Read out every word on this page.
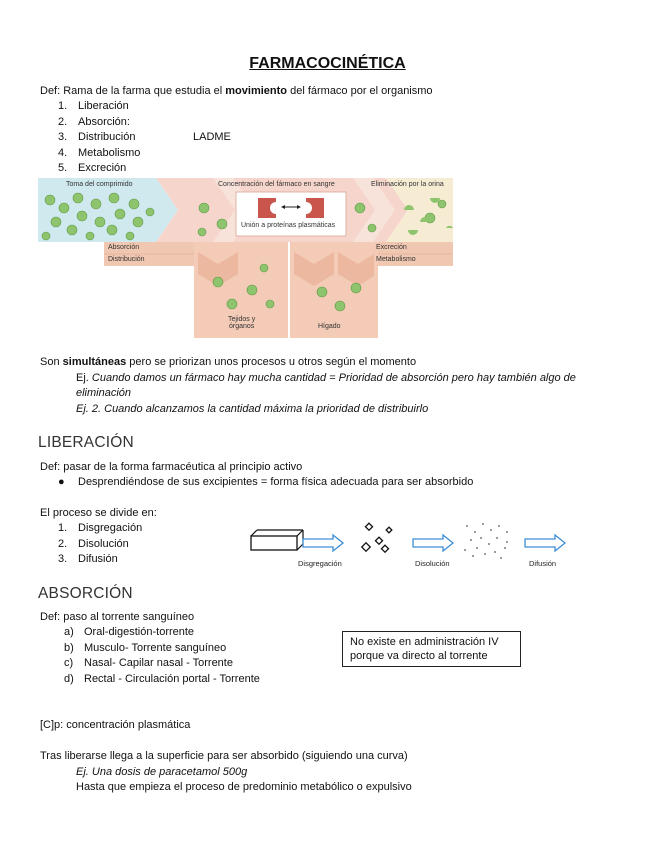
FARMACOCINÉTICA
Def: Rama de la farma que estudia el movimiento del fármaco por el organismo
1. Liberación
2. Absorción:
3. Distribución
4. Metabolismo
5. Excreción
LADME
Toma del comprimido	Concentración del fármaco en sangre	Eliminación por la orina
Unión a proteínas plasmáticas
Absorción
Distribución
Excreción
Metabolismo
Tejidos y
órganos	Hígado
Son simultáneas pero se priorizan unos procesos u otros según el momento
Ej. Cuando damos un fármaco hay mucha cantidad = Prioridad de absorción pero hay también algo de
eliminación
Ej. 2. Cuando alcanzamos la cantidad máxima la prioridad de distribuirlo
LIBERACIÓN
Def: pasar de la forma farmacéutica al principio activo
● Desprendiéndose de sus excipientes = forma física adecuada para ser absorbido
El proceso se divide en:
1. Disgregación
2. Disolución
3. Difusión	Disgregación	Disolución	Difusión
ABSORCIÓN
Def: paso al torrente sanguíneo
a) Oral-digestión-torrente
b) Musculo- Torrente sanguíneo
c) Nasal- Capilar nasal - Torrente
d) Rectal - Circulación portal - Torrente
No existe en administración IV
porque va directo al torrente
[C]p: concentración plasmática
Tras liberarse llega a la superficie para ser absorbido (siguiendo una curva)
Ej. Una dosis de paracetamol 500g
Hasta que empieza el proceso de predominio metabólico o expulsivo
